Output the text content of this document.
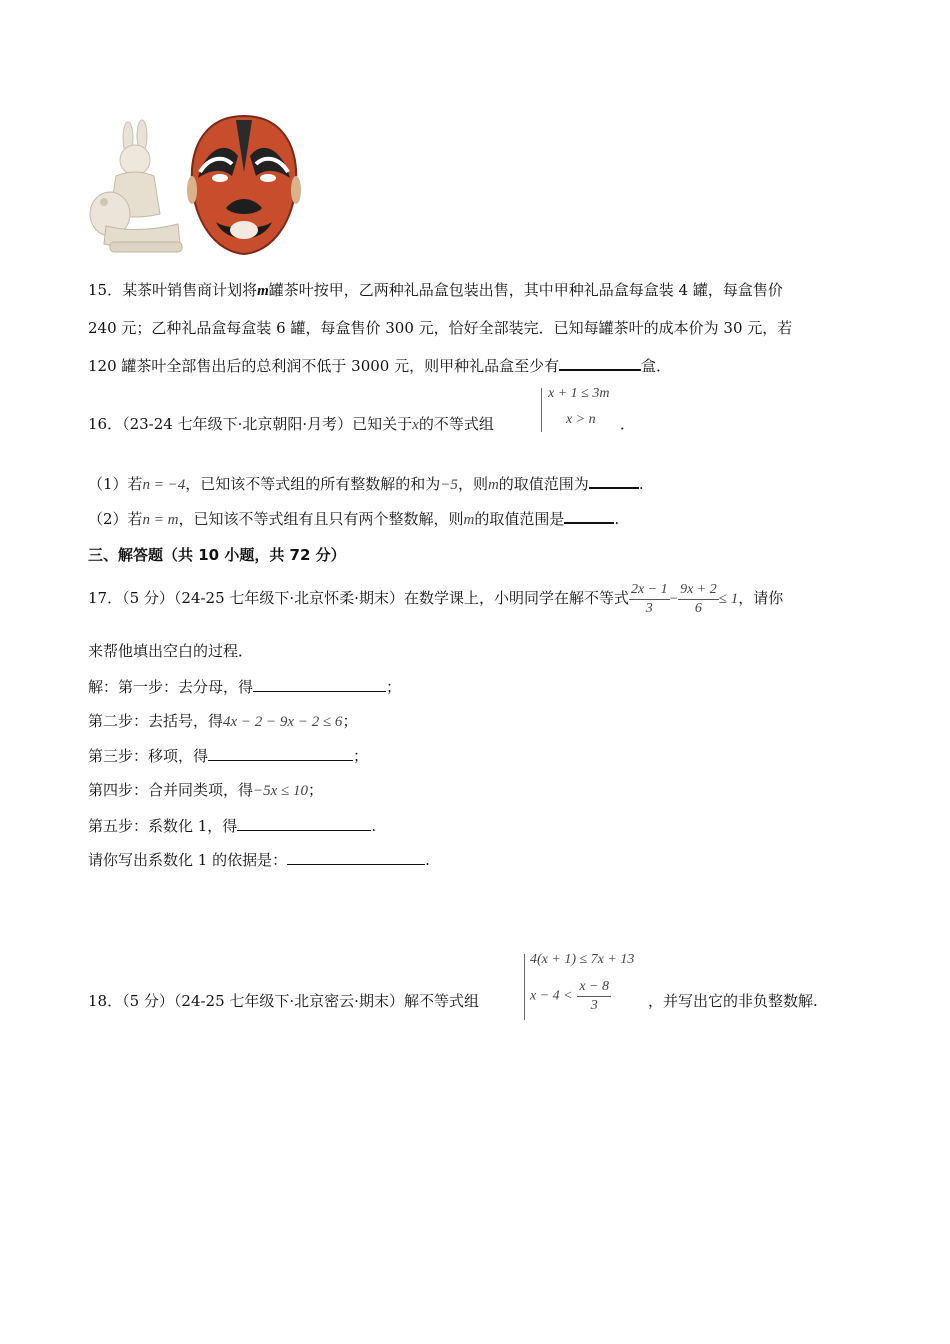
15．某茶叶销售商计划将m罐茶叶按甲，乙两种礼品盒包装出售，其中甲种礼品盒每盒装 4 罐，每盒售价
240 元；乙种礼品盒每盒装 6 罐，每盒售价 300 元，恰好全部装完．已知每罐茶叶的成本价为 30 元，若
120 罐茶叶全部售出后的总利润不低于 3000 元，则甲种礼品盒至少有	盒．
16．（23-24 七年级下·北京朝阳·月考）已知关于x的不等式组
x + 1 ≤ 3m
x > n ．
（1）若n = −4，已知该不等式组的所有整数解的和为−5，则m的取值范围为	.
（2）若n = m，已知该不等式组有且只有两个整数解，则m的取值范围是	.
三、解答题（共 10 小题，共 72 分）
17．（5 分）（24-25 七年级下·北京怀柔·期末）在数学课上，小明同学在解不等式 $\frac{2x - 1}{3} - \frac{9x + 2}{6} \le 1$，请你
来帮他填出空白的过程．
解：第一步：去分母，得	；
第二步：去括号，得4x − 2 − 9x − 2 ≤ 6；
第三步：移项，得	；
第四步：合并同类项，得−5x ≤ 10；
第五步：系数化 1，得	.
请你写出系数化 1 的依据是：	.
18．（5 分）（24-25 七年级下·北京密云·期末）解不等式组
4(x + 1) ≤ 7x + 13
$x - 4 < \frac{x - 8}{3}$ ，并写出它的非负整数解.
